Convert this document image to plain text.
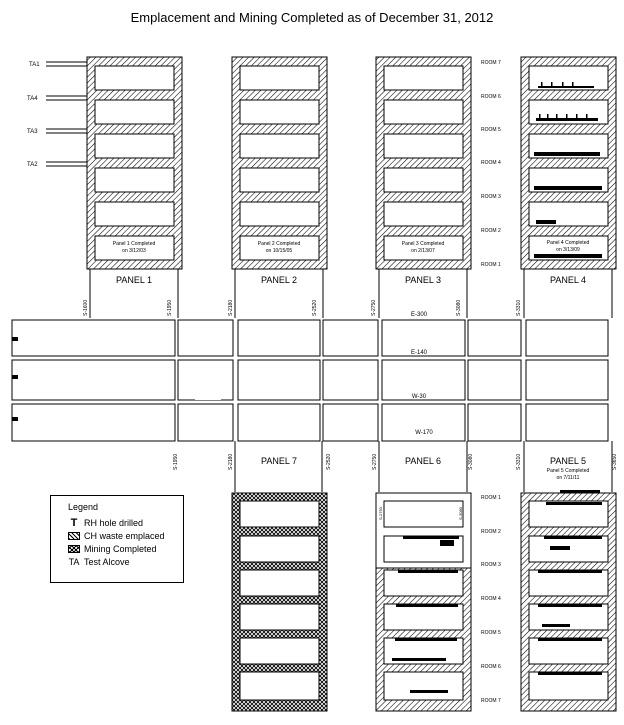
Emplacement and Mining Completed as of December 31, 2012
PANEL 1	PANEL 2	PANEL 3	PANEL 4
Panel 1 Completed
on 3/12/03
Panel 2 Completed
on 10/15/05
Panel 3 Completed
on 2/13/07
Panel 4 Completed
on 3/13/09
TA1
TA4
TA3
TA2
ROOM 7
ROOM 6
ROOM 5
ROOM 4
ROOM 3
ROOM 2
ROOM 1
E-300
E-140
W-30
W-170
S-1600	S-1950	S-2180	S-2520	S-2750	S-3080	S-3310
S-1950	S-2180	S-2520	S-2750	S-3080	S-3310	S-3650
PANEL 7	PANEL 6	PANEL 5
Panel 5 Completed
on 7/11/11
S-2750	S-3080
ROOM 1
ROOM 2
ROOM 3
ROOM 4
ROOM 5
ROOM 6
ROOM 7
Legend
T RH hole drilled
CH waste emplaced
Mining Completed
TA Test Alcove
